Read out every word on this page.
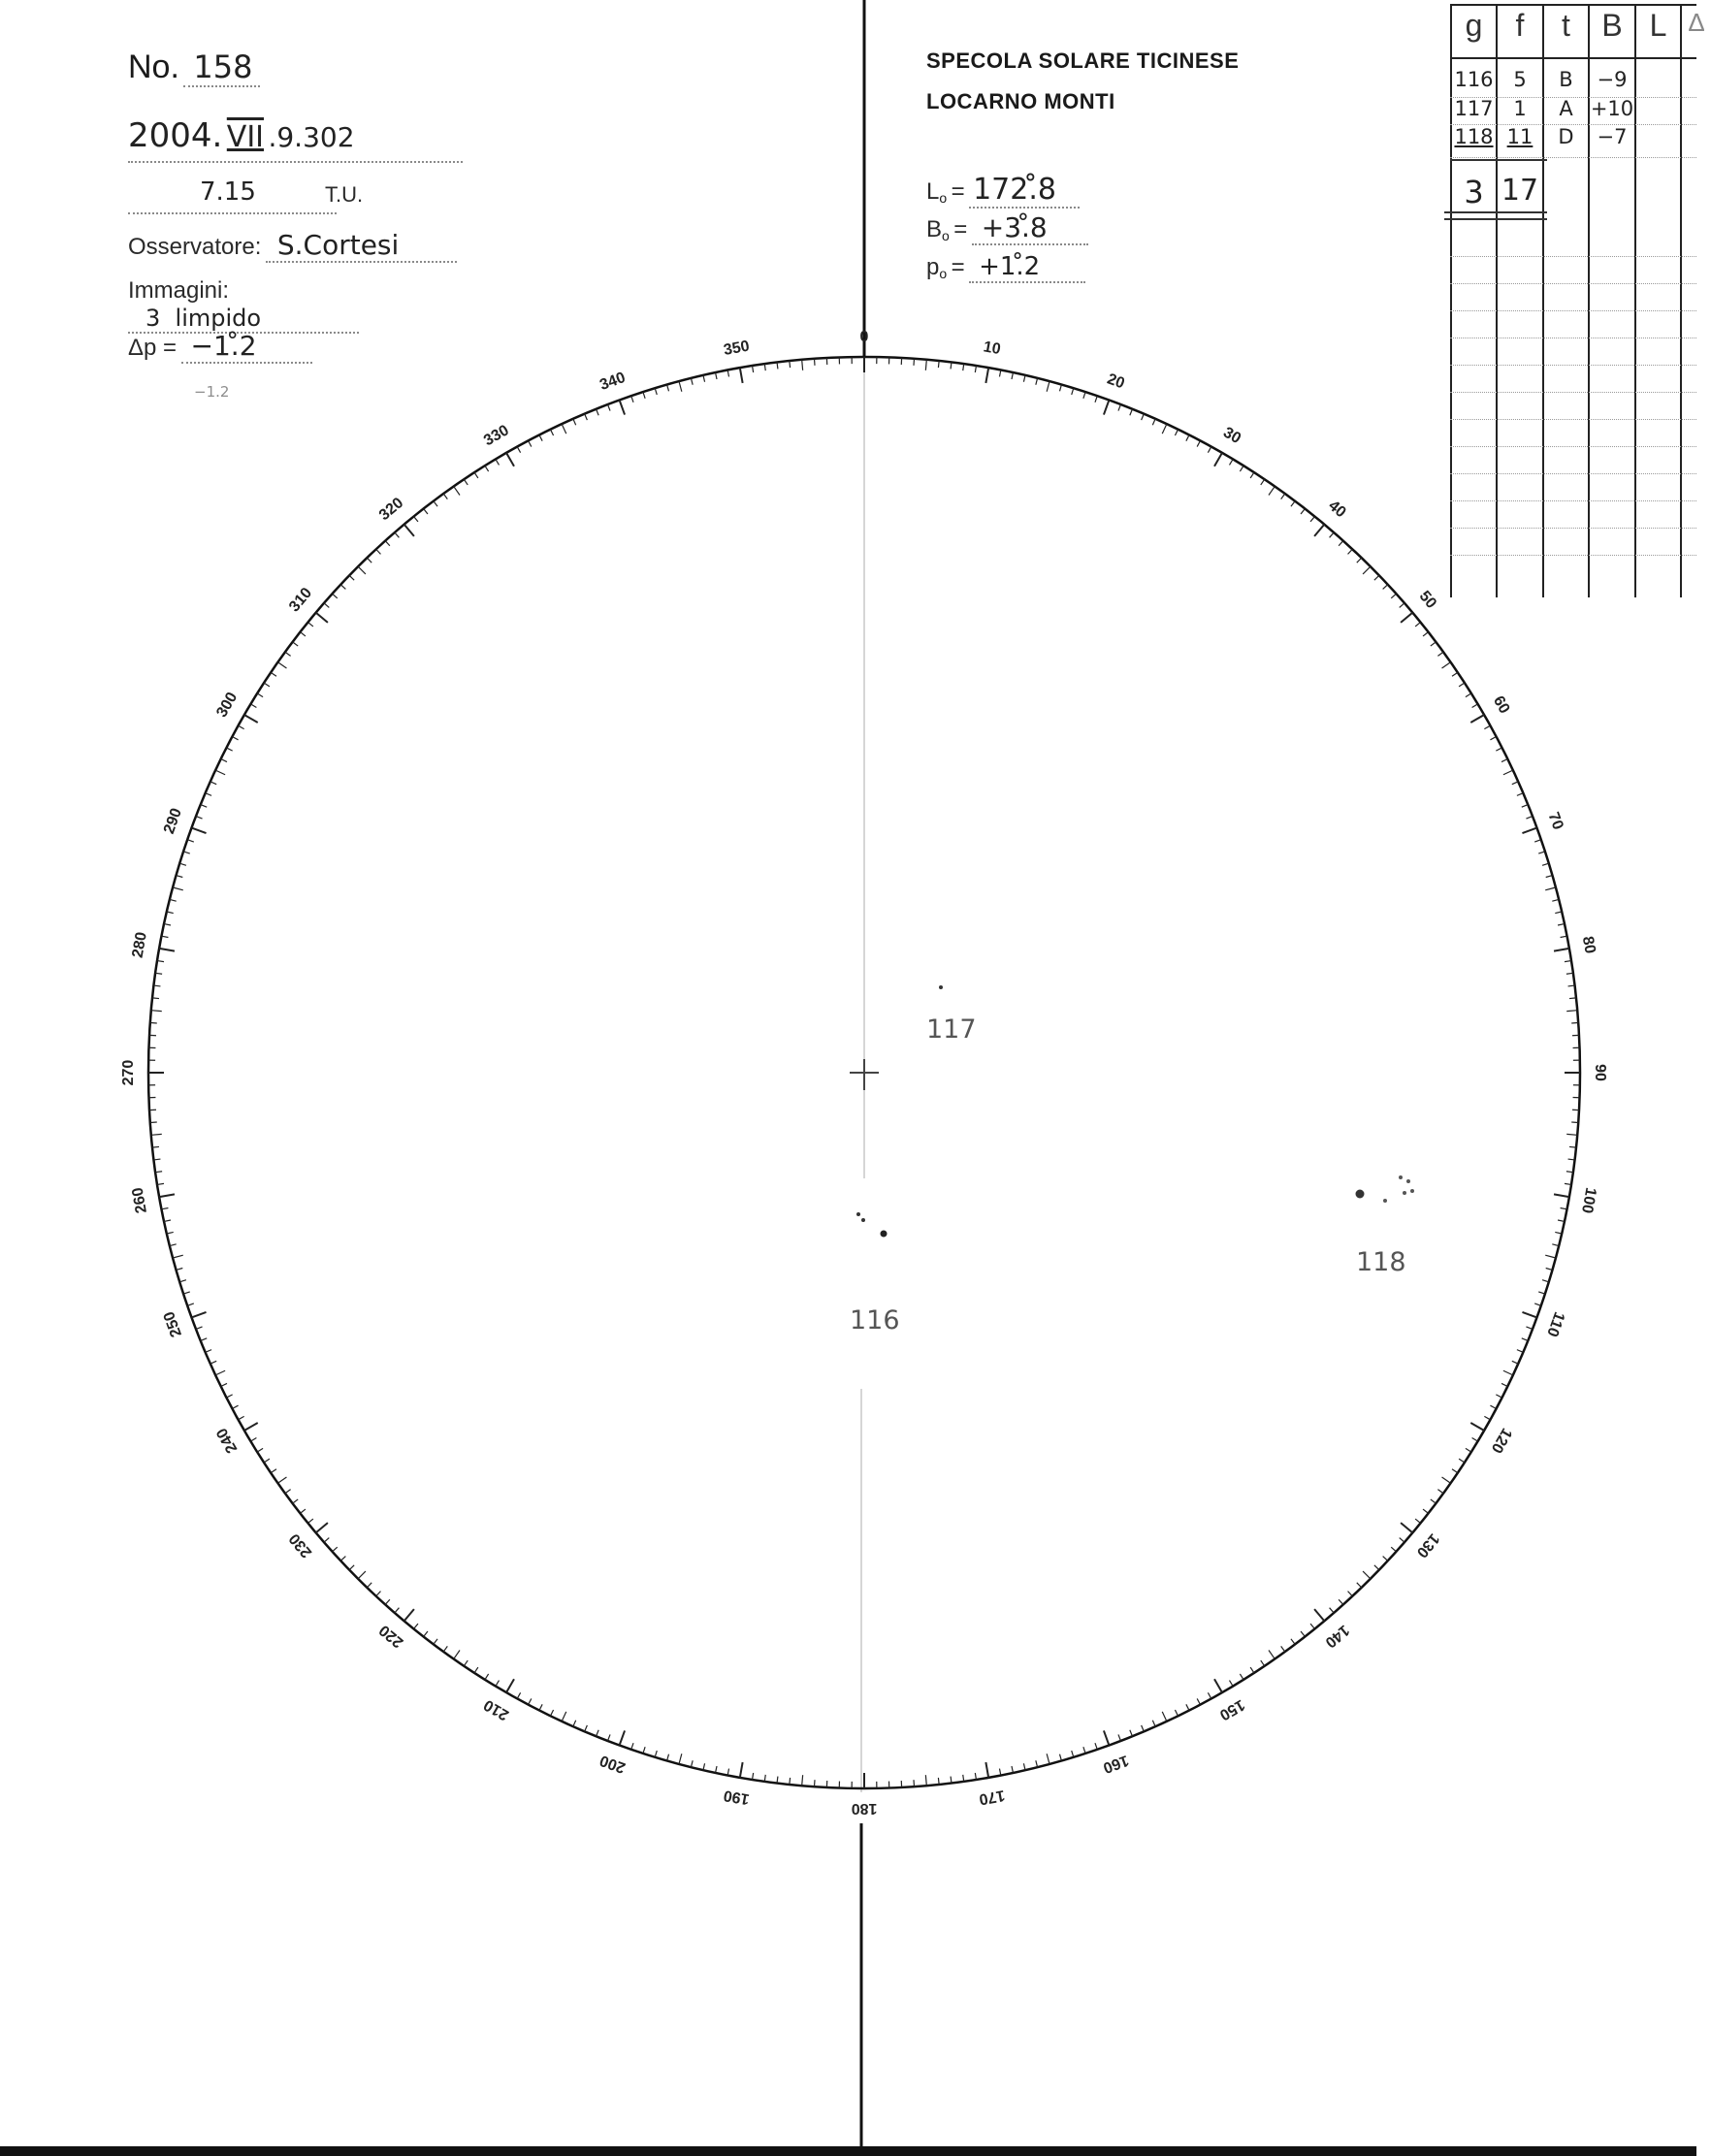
No. 158
2004. VII .9.302
7.15	T.U.
Osservatore: S.Cortesi
Immagini: 3  limpido
Δp = −1.̊2
−1.2
SPECOLA SOLARE TICINESE
LOCARNO MONTI
$L_o$ = 172.̊8
$B_o$ = +3.̊8
$p_o$ = +1.̊2
g	f	t	B L Δ
116 5	B	−9
117 1	A +10
118 11	D	−7
3 17
0
10
20
30
40
50
60
70
80
90
100
110
120
130
140
150
160
170
180
190
200
210
220
230
240
250
260
270
280
290
300
310
320
330
340
350
117
116
118
